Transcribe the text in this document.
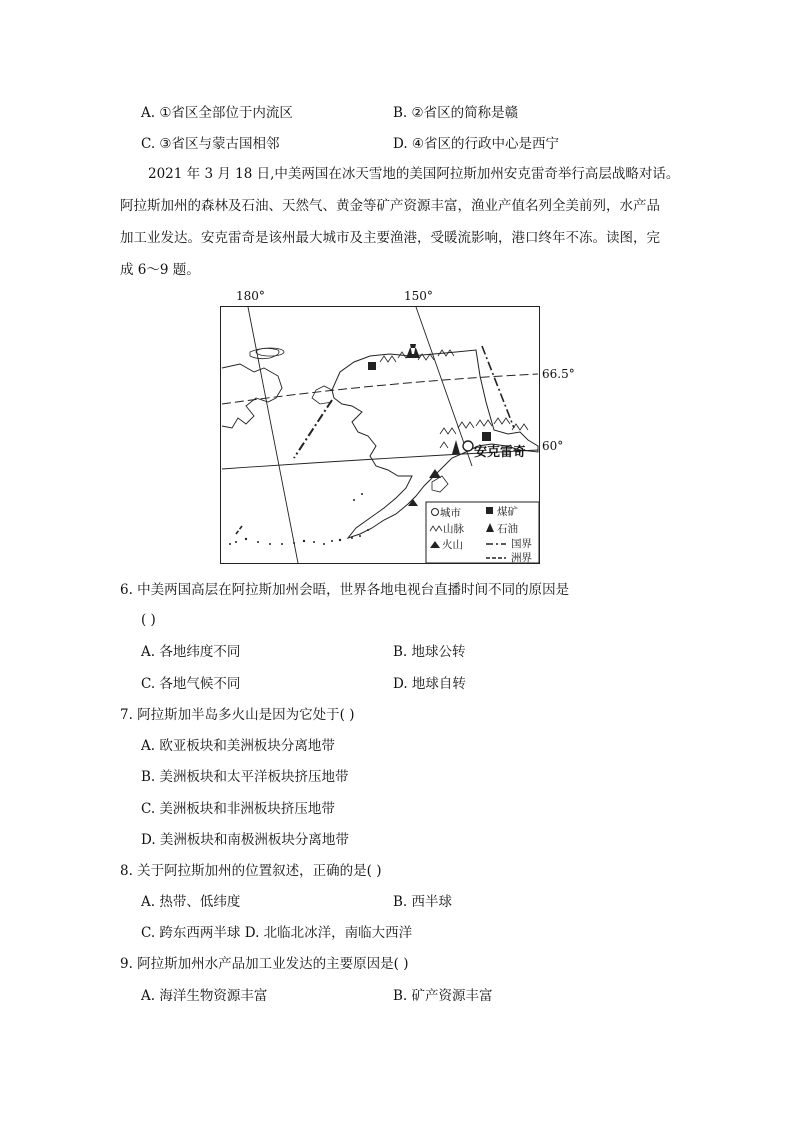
A. ①省区全部位于内流区	B. ②省区的简称是赣
C. ③省区与蒙古国相邻	D. ④省区的行政中心是西宁

2021 年 3 月 18 日,中美两国在冰天雪地的美国阿拉斯加州安克雷奇举行高层战略对话。

阿拉斯加州的森林及石油、天然气、黄金等矿产资源丰富，渔业产值名列全美前列，水产品

加工业发达。安克雷奇是该州最大城市及主要渔港，受暖流影响，港口终年不冻。读图，完

成 6～9 题。

180°	150°
66.5°
60°
安克雷奇
城市	煤矿
山脉	石油
火山	国界
洲界
6. 中美两国高层在阿拉斯加州会晤，世界各地电视台直播时间不同的原因是
( )
A. 各地纬度不同	B. 地球公转
C. 各地气候不同	D. 地球自转
7. 阿拉斯加半岛多火山是因为它处于( )
A. 欧亚板块和美洲板块分离地带
B. 美洲板块和太平洋板块挤压地带
C. 美洲板块和非洲板块挤压地带
D. 美洲板块和南极洲板块分离地带
8. 关于阿拉斯加州的位置叙述，正确的是( )
A. 热带、低纬度	B. 西半球
C. 跨东西两半球 D. 北临北冰洋，南临大西洋
9. 阿拉斯加州水产品加工业发达的主要原因是( )
A. 海洋生物资源丰富	B. 矿产资源丰富
